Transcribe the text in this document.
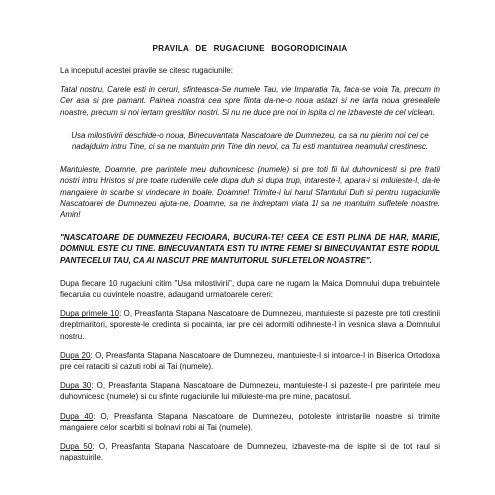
PRAVILA DE RUGACIUNE BOGORODICINAIA

La inceputul acestei pravile se citesc rugaciunile:

Tatal nostru, Carele esti in ceruri, sfinteasca-Se numele Tau, vie Imparatia Ta, faca-se voia Ta, precum in Cer asa si pre pamant. Painea noastra cea spre fiinta da-ne-o noua astazi si ne iarta noua gresealele noastre, precum si noi iertam gresitilor nostri. Si nu ne duce pre noi in ispita ci ne izbaveste de cel viclean.

Usa milostivirii deschide-o noua, Binecuvantata Nascatoare de Dumnezeu, ca sa nu pierim noi cei ce nadajduim intru Tine, ci sa ne mantuim prin Tine din nevoi, ca Tu esti mantuirea neamului crestinesc.

Mantuieste, Doamne, pre parintele meu duhovnicesc (numele) si pre toti fii lui duhovnicesti si pre fratii nostri intru Hristos si pre toate rudeniile cele dupa duh si dupa trup, intareste-I, apara-i si miluieste-I, da-le mangaiere in scarbe si vindecare in boale. Doamne! Trimite-i lui harul Sfantului Duh si pentru rugaciunile Nascatoarei de Dumnezeu ajuta-ne, Doamne, sa ne indreptam viata 1l sa ne mantuim sufletele noastre. Amin!

"NASCATOARE DE DUMNEZEU FECIOARA, BUCURA-TE! CEEA CE ESTI PLINA DE HAR, MARIE, DOMNUL ESTE CU TINE. BINECUVANTATA ESTI TU INTRE FEMEI SI BINECUVANTAT ESTE RODUL PANTECELUI TAU, CA AI NASCUT PRE MANTUITORUL SUFLETELOR NOASTRE".

Dupa fiecare 10 rugaciuni citim "Usa milostivirii", dupa care ne rugam la Maica Domnului dupa trebuintele fiecaruia cu cuvintele noastre, adaugand urmatoarele cereri:

Dupa primele 10: O, Preasfanta Stapana Nascatoare de Dumnezeu, mantuieste si pazeste pre toti crestinii dreptmaritori, sporeste-le credinta si pocainta, iar pre cei adormiti odihneste-I in vesnica slava a Domnului nostru.

Dupa 20: O, Preasfanta Stapana Nascatoare de Dumnezeu, mantuieste-I si intoarce-I in Biserica Ortodoxa pre cei rataciti si cazuti robi ai Tai (numele).

Dupa 30: O, Preasfanta Stapana Nascatoare de Dumnezeu, mantuieste-I si pazeste-I pre parintele meu duhovnicesc (numele) si cu sfinte rugaciunile lui miluieste-ma pre mine, pacatosul.

Dupa 40: O, Preasfanta Stapana Nascatoare de Dumnezeu, potoleste intristarile noastre si trimite mangaiere celor scarbiti si bolnavi robi ai Tai (numele).

Dupa 50: O, Preasfanta Stapana Nascatoare de Dumnezeu, izbaveste-ma de ispite si de tot raul si napastuirile.
